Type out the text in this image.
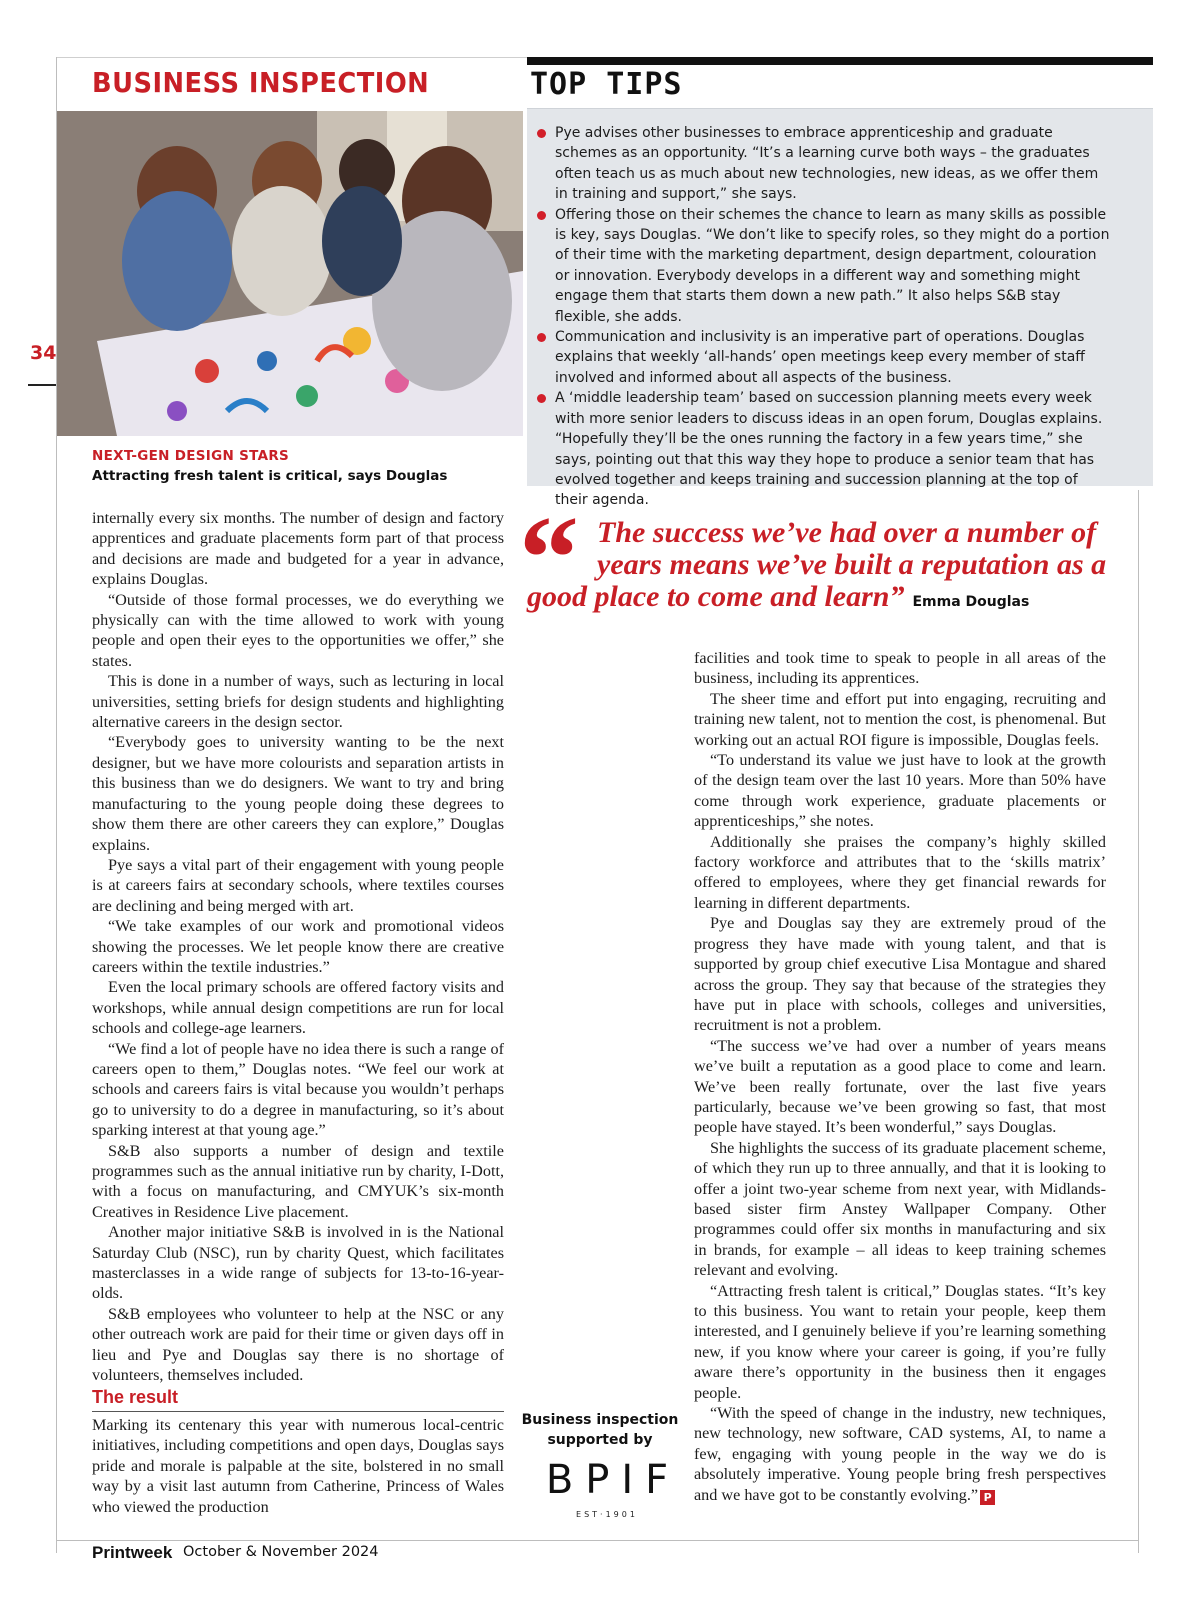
BUSINESS INSPECTION
34
NEXT-GEN DESIGN STARS
Attracting fresh talent is critical, says Douglas
TOP TIPS
Pye advises other businesses to embrace apprenticeship and graduate schemes as an opportunity. “It’s a learning curve both ways – the graduates often teach us as much about new technologies, new ideas, as we offer them in training and support,” she says.
Offering those on their schemes the chance to learn as many skills as possible is key, says Douglas. “We don’t like to specify roles, so they might do a portion of their time with the marketing department, design department, colouration or innovation. Everybody develops in a different way and something might engage them that starts them down a new path.” It also helps S&B stay flexible, she adds.
Communication and inclusivity is an imperative part of operations. Douglas explains that weekly ‘all-hands’ open meetings keep every member of staff involved and informed about all aspects of the business.
A ‘middle leadership team’ based on succession planning meets every week with more senior leaders to discuss ideas in an open forum, Douglas explains. “Hopefully they’ll be the ones running the factory in a few years time,” she says, pointing out that this way they hope to produce a senior team that has evolved together and keeps training and succession planning at the top of their agenda.
“ The success we’ve had over a number of
years means we’ve built a reputation as a
good place to come and learn” Emma Douglas

internally every six months. The number of design and factory apprentices and graduate placements form part of that process and decisions are made and budgeted for a year in advance, explains Douglas.

“Outside of those formal processes, we do everything we physically can with the time allowed to work with young people and open their eyes to the opportunities we offer,” she states.

This is done in a number of ways, such as lecturing in local universities, setting briefs for design students and highlighting alternative careers in the design sector.

“Everybody goes to university wanting to be the next designer, but we have more colourists and separation artists in this business than we do designers. We want to try and bring manufacturing to the young people doing these degrees to show them there are other careers they can explore,” Douglas explains.

Pye says a vital part of their engagement with young people is at careers fairs at secondary schools, where textiles courses are declining and being merged with art.

“We take examples of our work and promotional videos showing the processes. We let people know there are creative careers within the textile industries.”

Even the local primary schools are offered factory visits and workshops, while annual design competitions are run for local schools and college-age learners.

“We find a lot of people have no idea there is such a range of careers open to them,” Douglas notes. “We feel our work at schools and careers fairs is vital because you wouldn’t perhaps go to university to do a degree in manufacturing, so it’s about sparking interest at that young age.”

S&B also supports a number of design and textile programmes such as the annual initiative run by charity, I-Dott, with a focus on manufacturing, and CMYUK’s six-month Creatives in Residence Live placement.

Another major initiative S&B is involved in is the National Saturday Club (NSC), run by charity Quest, which facilitates masterclasses in a wide range of subjects for 13-to-16-year-olds.

S&B employees who volunteer to help at the NSC or any other outreach work are paid for their time or given days off in lieu and Pye and Douglas say there is no shortage of volunteers, themselves included.

The result

Marking its centenary this year with numerous local-centric initiatives, including competitions and open days, Douglas says pride and morale is palpable at the site, bolstered in no small way by a visit last autumn from Catherine, Princess of Wales who viewed the production

Business inspection supported by
BPIF
EST·1901

facilities and took time to speak to people in all areas of the business, including its apprentices.

The sheer time and effort put into engaging, recruiting and training new talent, not to mention the cost, is phenomenal. But working out an actual ROI figure is impossible, Douglas feels.

“To understand its value we just have to look at the growth of the design team over the last 10 years. More than 50% have come through work experience, graduate placements or apprenticeships,” she notes.

Additionally she praises the company’s highly skilled factory workforce and attributes that to the ‘skills matrix’ offered to employees, where they get financial rewards for learning in different departments.

Pye and Douglas say they are extremely proud of the progress they have made with young talent, and that is supported by group chief executive Lisa Montague and shared across the group. They say that because of the strategies they have put in place with schools, colleges and universities, recruitment is not a problem.

“The success we’ve had over a number of years means we’ve built a reputation as a good place to come and learn. We’ve been really fortunate, over the last five years particularly, because we’ve been growing so fast, that most people have stayed. It’s been wonderful,” says Douglas.

She highlights the success of its graduate placement scheme, of which they run up to three annually, and that it is looking to offer a joint two-year scheme from next year, with Midlands-based sister firm Anstey Wallpaper Company. Other programmes could offer six months in manufacturing and six in brands, for example – all ideas to keep training schemes relevant and evolving.

“Attracting fresh talent is critical,” Douglas states. “It’s key to this business. You want to retain your people, keep them interested, and I genuinely believe if you’re learning something new, if you know where your career is going, if you’re fully aware there’s opportunity in the business then it engages people.

“With the speed of change in the industry, new techniques, new technology, new software, CAD systems, AI, to name a few, engaging with young people in the way we do is absolutely imperative. Young people bring fresh perspectives and we have got to be constantly evolving.” P

Printweek October & November 2024
